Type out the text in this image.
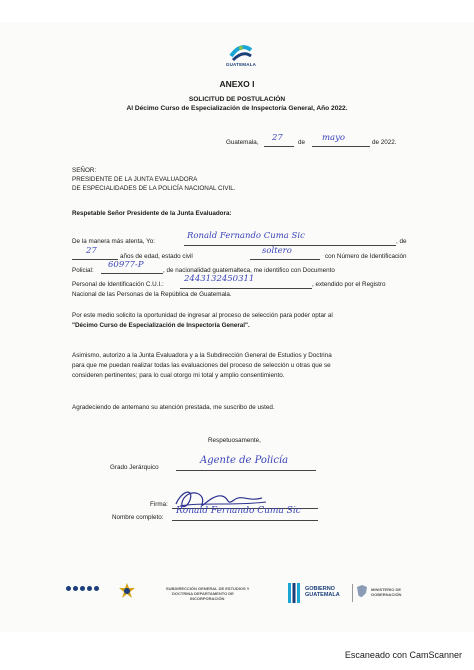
GUATEMALA
ANEXO I
SOLICITUD DE POSTULACIÓN
Al Décimo Curso de Especialización de Inspectoría General, Año 2022.
Guatemala, 27 de mayo	de 2022.
SEÑOR:
PRESIDENTE DE LA JUNTA EVALUADORA
DE ESPECIALIDADES DE LA POLICÍA NACIONAL CIVIL.
Respetable Señor Presidente de la Junta Evaluadora:
De la manera más atenta, Yo:
Ronald Fernando Cuma Sic
, de
27
años de edad, estado civil
soltero
con Número de Identificación
Policial:
60977-P
, de nacionalidad guatemalteca, me identifico con Documento
Personal de Identificación C.U.I.:
2443132450311
, extendido por el Registro
Nacional de las Personas de la República de Guatemala.
Por este medio solicito la oportunidad de ingresar al proceso de selección para poder optar al
"Décimo Curso de Especialización de Inspectoría General".
Asimismo, autorizo a la Junta Evaluadora y a la Subdirección General de Estudios y Doctrina
para que me puedan realizar todas las evaluaciones del proceso de selección u otras que se
consideren pertinentes; para lo cual otorgo mi total y amplio consentimiento.
Agradeciendo de antemano su atención prestada, me suscribo de usted.
Respetuosamente,
Grado Jerárquico
Agente de Policía
Firma:
Nombre completo:
Ronald Fernando Cuma Sic
SUBDIRECCIÓN GENERAL DE ESTUDIOS Y
DOCTRINA DEPARTAMENTO DE
INCORPORACIÓN
GOBIERNO
GUATEMALA
MINISTERIO DE
GOBERNACIÓN
Escaneado con CamScanner
